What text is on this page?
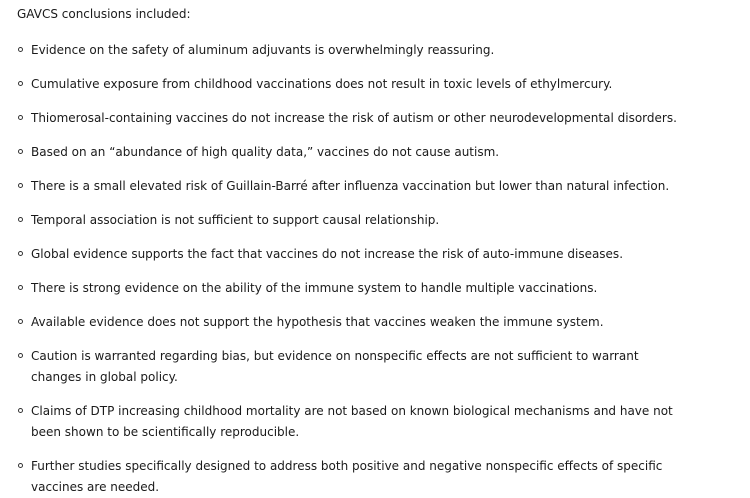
GAVCS conclusions included:

Evidence on the safety of aluminum adjuvants is overwhelmingly reassuring.
Cumulative exposure from childhood vaccinations does not result in toxic levels of ethylmercury.
Thiomerosal-containing vaccines do not increase the risk of autism or other neurodevelopmental disorders.
Based on an “abundance of high quality data,” vaccines do not cause autism.
There is a small elevated risk of Guillain-Barré after influenza vaccination but lower than natural infection.
Temporal association is not sufficient to support causal relationship.
Global evidence supports the fact that vaccines do not increase the risk of auto-immune diseases.
There is strong evidence on the ability of the immune system to handle multiple vaccinations.
Available evidence does not support the hypothesis that vaccines weaken the immune system.
Caution is warranted regarding bias, but evidence on nonspecific effects are not sufficient to warrant changes in global policy.
Claims of DTP increasing childhood mortality are not based on known biological mechanisms and have not been shown to be scientifically reproducible.
Further studies specifically designed to address both positive and negative nonspecific effects of specific vaccines are needed.
